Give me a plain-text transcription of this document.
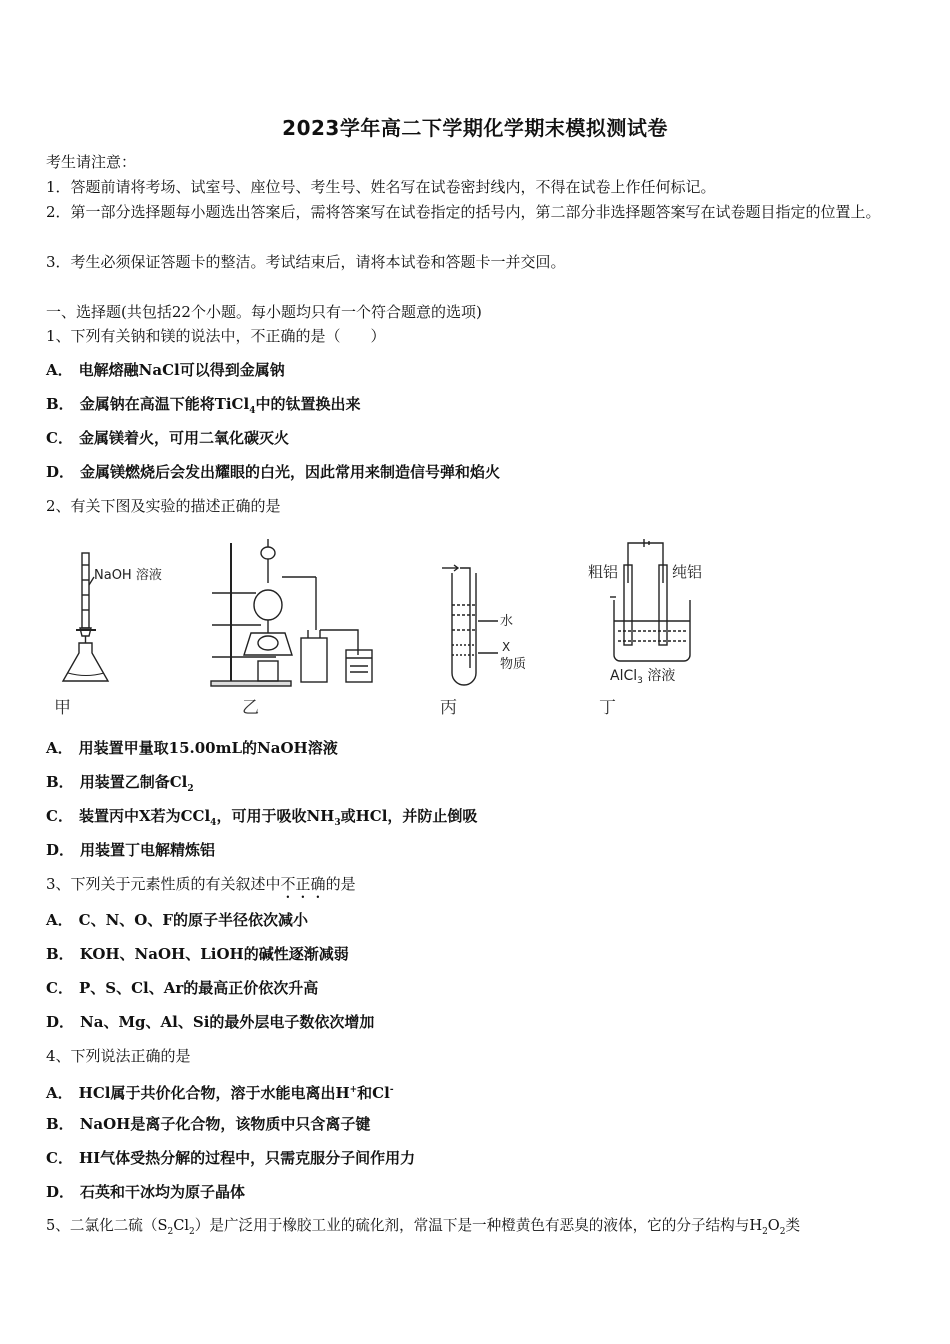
2023学年高二下学期化学期末模拟测试卷
考生请注意：
1．答题前请将考场、试室号、座位号、考生号、姓名写在试卷密封线内，不得在试卷上作任何标记。
2．第一部分选择题每小题选出答案后，需将答案写在试卷指定的括号内，第二部分非选择题答案写在试卷题目指定的位置上。
3．考生必须保证答题卡的整洁。考试结束后，请将本试卷和答题卡一并交回。
一、选择题(共包括22个小题。每小题均只有一个符合题意的选项)
1、下列有关钠和镁的说法中，不正确的是（　　）
A． 电解熔融NaCl可以得到金属钠
B． 金属钠在高温下能将TiCl$_4$中的钛置换出来
C． 金属镁着火，可用二氧化碳灭火
D． 金属镁燃烧后会发出耀眼的白光，因此常用来制造信号弹和焰火
2、有关下图及实验的描述正确的是
NaOH 溶液
水
X
物质
粗铝	纯铝
AlCl$_3$ 溶液
甲	乙	丙	丁
A． 用装置甲量取15.00mL的NaOH溶液
B． 用装置乙制备$Cl_2$
C． 装置丙中X若为CCl$_4$，可用于吸收$NH_3$或HCl，并防止倒吸
D． 用装置丁电解精炼铝
3、下列关于元素性质的有关叙述中不正确的是
A． C、N、O、F的原子半径依次减小
B． KOH、NaOH、LiOH的碱性逐渐减弱
C． P、S、Cl、Ar的最高正价依次升高
D． Na、Mg、Al、Si的最外层电子数依次增加
4、下列说法正确的是
A． HCl属于共价化合物，溶于水能电离出H+和Cl-
B． NaOH是离子化合物，该物质中只含离子键
C． HI气体受热分解的过程中，只需克服分子间作用力
D． 石英和干冰均为原子晶体
5、二氯化二硫$(S_2Cl_2)$是广泛用于橡胶工业的硫化剂，常温下是一种橙黄色有恶臭的液体，它的分子结构与$H_2O_2$类
